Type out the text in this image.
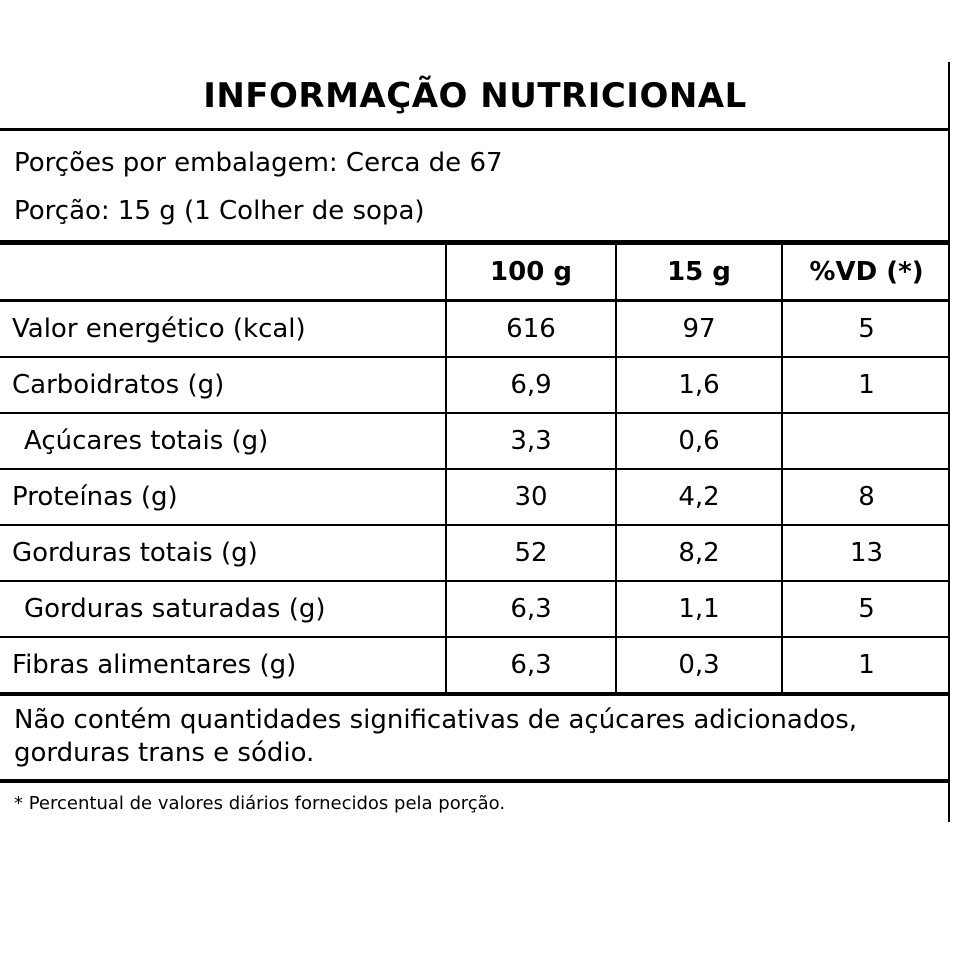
INFORMAÇÃO NUTRICIONAL
Porções por embalagem: Cerca de 67
Porção: 15 g (1 Colher de sopa)
	100 g	15 g	%VD (*)
Valor energético (kcal)	616	97	5
Carboidratos (g)	6,9	1,6	1
Açúcares totais (g)	3,3	0,6	
Proteínas (g)	30	4,2	8
Gorduras totais (g)	52	8,2	13
Gorduras saturadas (g)	6,3	1,1	5
Fibras alimentares (g)	6,3	0,3	1
Não contém quantidades significativas de açúcares adicionados, gorduras trans e sódio.
* Percentual de valores diários fornecidos pela porção.
